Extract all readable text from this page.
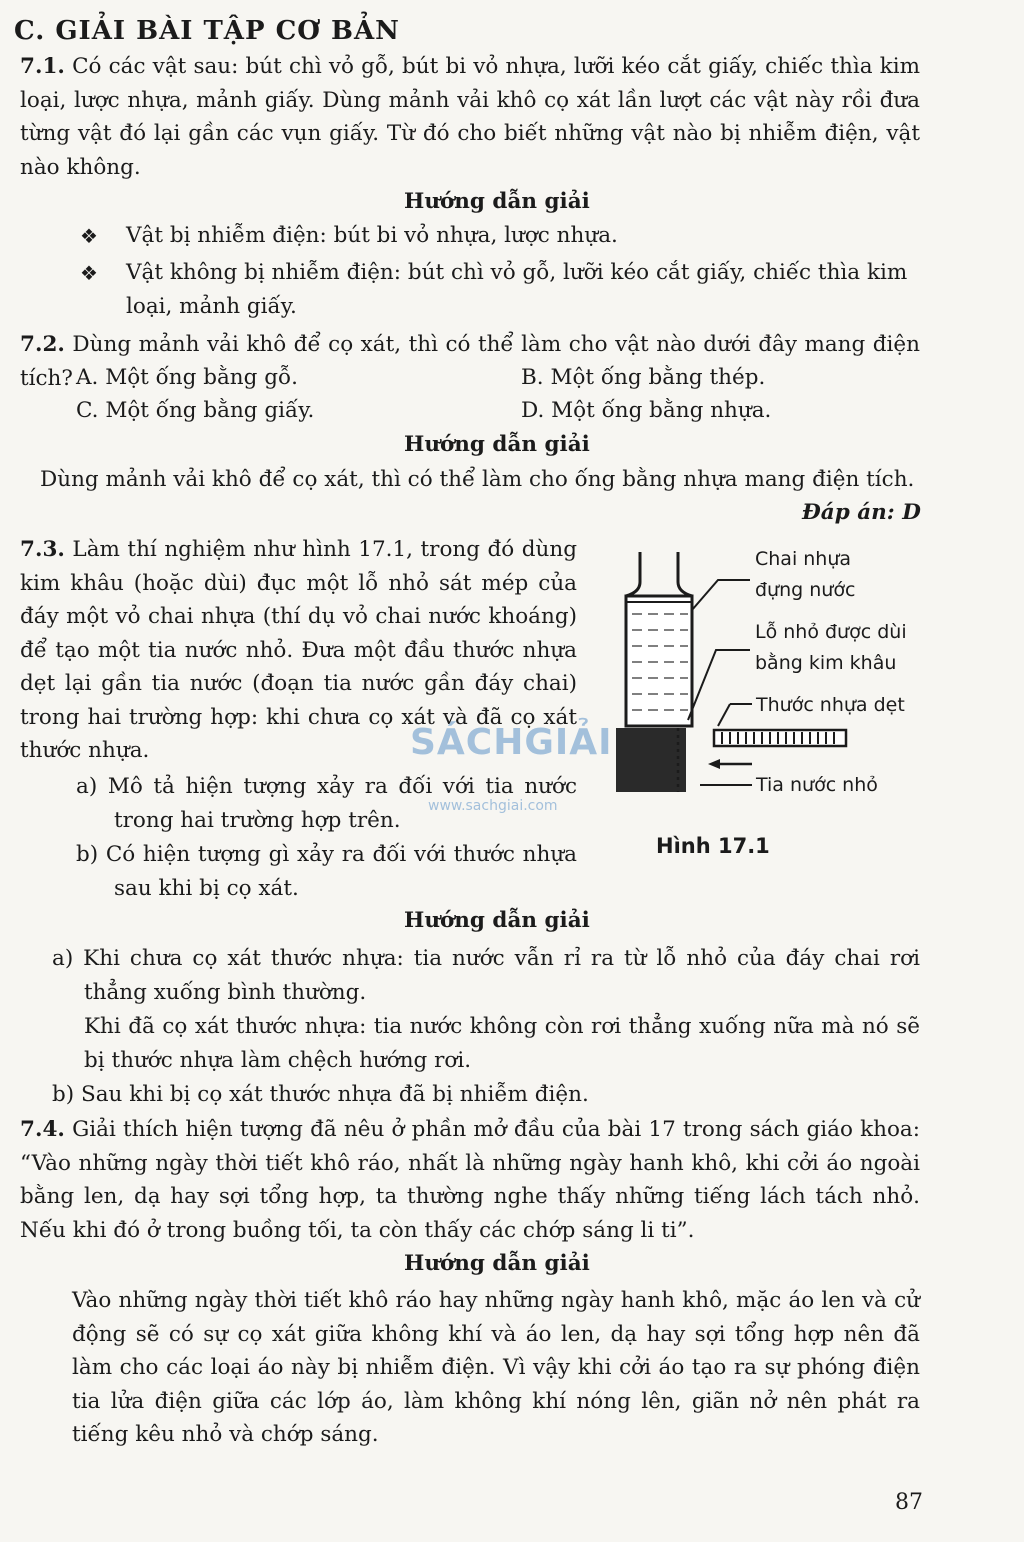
C. GIẢI BÀI TẬP CƠ BẢN
7.1. Có các vật sau: bút chì vỏ gỗ, bút bi vỏ nhựa, lưỡi kéo cắt giấy, chiếc thìa kim loại, lược nhựa, mảnh giấy. Dùng mảnh vải khô cọ xát lần lượt các vật này rồi đưa từng vật đó lại gần các vụn giấy. Từ đó cho biết những vật nào bị nhiễm điện, vật nào không.
Hướng dẫn giải
❖ Vật bị nhiễm điện: bút bi vỏ nhựa, lược nhựa.
❖ Vật không bị nhiễm điện: bút chì vỏ gỗ, lưỡi kéo cắt giấy, chiếc thìa kim loại, mảnh giấy.
7.2. Dùng mảnh vải khô để cọ xát, thì có thể làm cho vật nào dưới đây mang điện tích? A. Một ống bằng gỗ.	B. Một ống bằng thép.
C. Một ống bằng giấy.	D. Một ống bằng nhựa.
Hướng dẫn giải
Dùng mảnh vải khô để cọ xát, thì có thể làm cho ống bằng nhựa mang điện tích.
Đáp án: D
7.3. Làm thí nghiệm như hình 17.1, trong đó dùng kim khâu (hoặc dùi) đục một lỗ nhỏ sát mép của đáy một vỏ chai nhựa (thí dụ vỏ chai nước khoáng) để tạo một tia nước nhỏ. Đưa một đầu thước nhựa dẹt lại gần tia nước (đoạn tia nước gần đáy chai) trong hai trường hợp: khi chưa cọ xát và đã cọ xát thước nhựa.
a) Mô tả hiện tượng xảy ra đối với tia nước trong hai trường hợp trên.
b) Có hiện tượng gì xảy ra đối với thước nhựa sau khi bị cọ xát.
Chai nhựa đựng nước
Lỗ nhỏ được dùi bằng kim khâu
Thước nhựa dẹt
Tia nước nhỏ
Hình 17.1
SÁCHGIẢI
www.sachgiai.com
Hướng dẫn giải
a) Khi chưa cọ xát thước nhựa: tia nước vẫn rỉ ra từ lỗ nhỏ của đáy chai rơi thẳng xuống bình thường.
Khi đã cọ xát thước nhựa: tia nước không còn rơi thẳng xuống nữa mà nó sẽ bị thước nhựa làm chệch hướng rơi.
b) Sau khi bị cọ xát thước nhựa đã bị nhiễm điện.
7.4. Giải thích hiện tượng đã nêu ở phần mở đầu của bài 17 trong sách giáo khoa: “Vào những ngày thời tiết khô ráo, nhất là những ngày hanh khô, khi cởi áo ngoài bằng len, dạ hay sợi tổng hợp, ta thường nghe thấy những tiếng lách tách nhỏ. Nếu khi đó ở trong buồng tối, ta còn thấy các chớp sáng li ti”.
Hướng dẫn giải
Vào những ngày thời tiết khô ráo hay những ngày hanh khô, mặc áo len và cử động sẽ có sự cọ xát giữa không khí và áo len, dạ hay sợi tổng hợp nên đã làm cho các loại áo này bị nhiễm điện. Vì vậy khi cởi áo tạo ra sự phóng điện tia lửa điện giữa các lớp áo, làm không khí nóng lên, giãn nở nên phát ra tiếng kêu nhỏ và chớp sáng.
87
